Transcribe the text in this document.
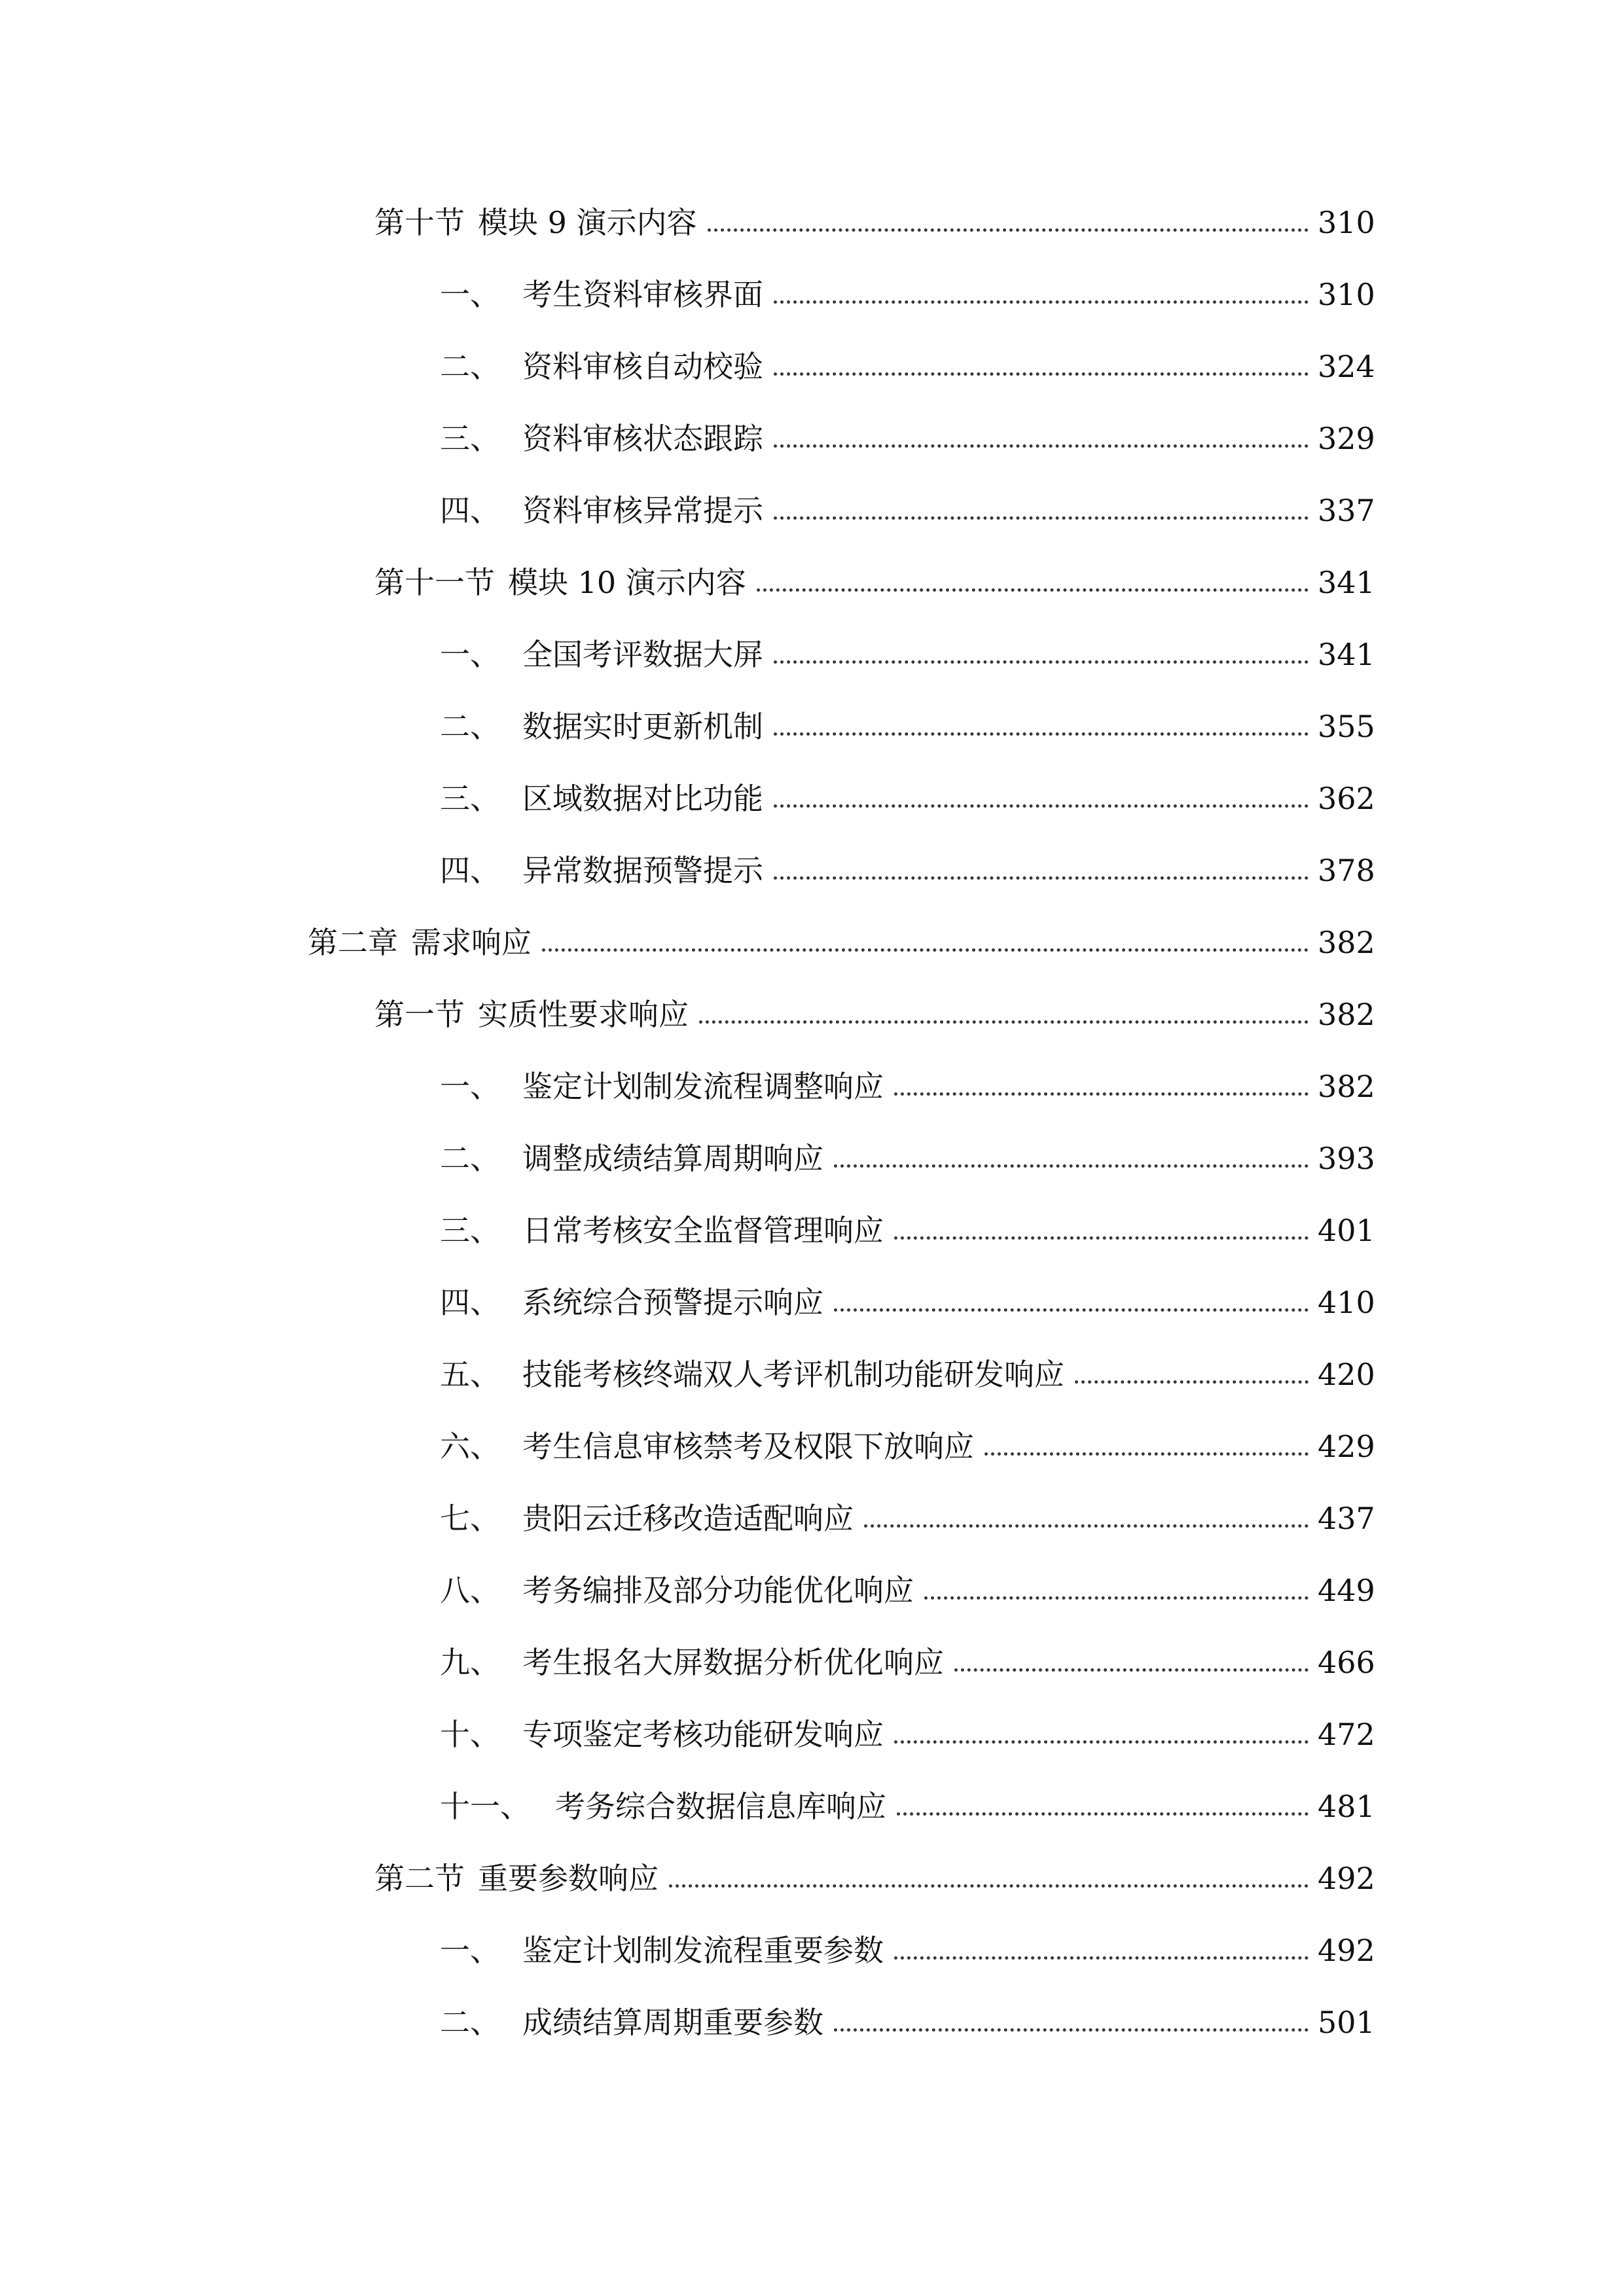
第十节 模块 9 演示内容	310
一、 考生资料审核界面	310
二、 资料审核自动校验	324
三、 资料审核状态跟踪	329
四、 资料审核异常提示	337
第十一节 模块 10 演示内容	341
一、 全国考评数据大屏	341
二、 数据实时更新机制	355
三、 区域数据对比功能	362
四、 异常数据预警提示	378
第二章 需求响应	382
第一节 实质性要求响应	382
一、 鉴定计划制发流程调整响应	382
二、 调整成绩结算周期响应	393
三、 日常考核安全监督管理响应	401
四、 系统综合预警提示响应	410
五、 技能考核终端双人考评机制功能研发响应	420
六、 考生信息审核禁考及权限下放响应	429
七、 贵阳云迁移改造适配响应	437
八、 考务编排及部分功能优化响应	449
九、 考生报名大屏数据分析优化响应	466
十、 专项鉴定考核功能研发响应	472
十一、 考务综合数据信息库响应	481
第二节 重要参数响应	492
一、 鉴定计划制发流程重要参数	492
二、 成绩结算周期重要参数	501
